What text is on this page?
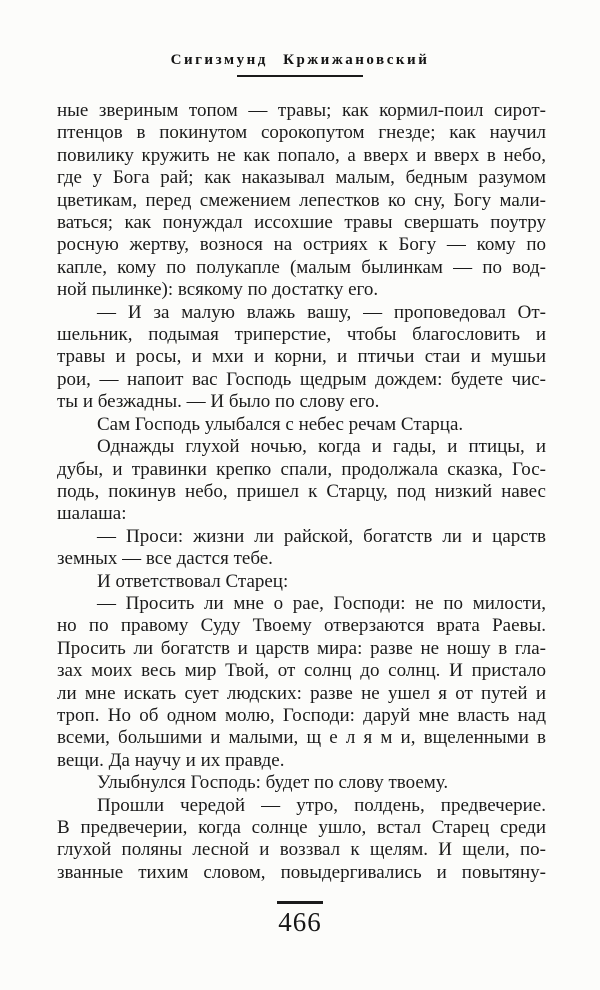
Сигизмунд Кржижановский
ные звериным топом — травы; как кормил-поил сирот-
птенцов в покинутом сорокопутом гнезде; как научил
повилику кружить не как попало, а вверх и вверх в небо,
где у Бога рай; как наказывал малым, бедным разумом
цветикам, перед смежением лепестков ко сну, Богу мали-
ваться; как понуждал иссохшие травы свершать поутру
росную жертву, вознося на остриях к Богу — кому по
капле, кому по полукапле (малым былинкам — по вод-
ной пылинке): всякому по достатку его.
— И за малую влажь вашу, — проповедовал От-
шельник, подымая триперстие, чтобы благословить и
травы и росы, и мхи и корни, и птичьи стаи и мушьи
рои, — напоит вас Господь щедрым дождем: будете чис-
ты и безжадны. — И было по слову его.
Сам Господь улыбался с небес речам Старца.
Однажды глухой ночью, когда и гады, и птицы, и
дубы, и травинки крепко спали, продолжала сказка, Гос-
подь, покинув небо, пришел к Старцу, под низкий навес
шалаша:
— Проси: жизни ли райской, богатств ли и царств
земных — все дастся тебе.
И ответствовал Старец:
— Просить ли мне о рае, Господи: не по милости,
но по правому Суду Твоему отверзаются врата Раевы.
Просить ли богатств и царств мира: разве не ношу в гла-
зах моих весь мир Твой, от солнц до солнц. И пристало
ли мне искать сует людских: разве не ушел я от путей и
троп. Но об одном молю, Господи: даруй мне власть над
всеми, большими и малыми, щ е л я м и, вщеленными в
вещи. Да научу и их правде.
Улыбнулся Господь: будет по слову твоему.
Прошли чередой — утро, полдень, предвечерие.
В предвечерии, когда солнце ушло, встал Старец среди
глухой поляны лесной и воззвал к щелям. И щели, по-
званные тихим словом, повыдергивались и повытяну-
466
